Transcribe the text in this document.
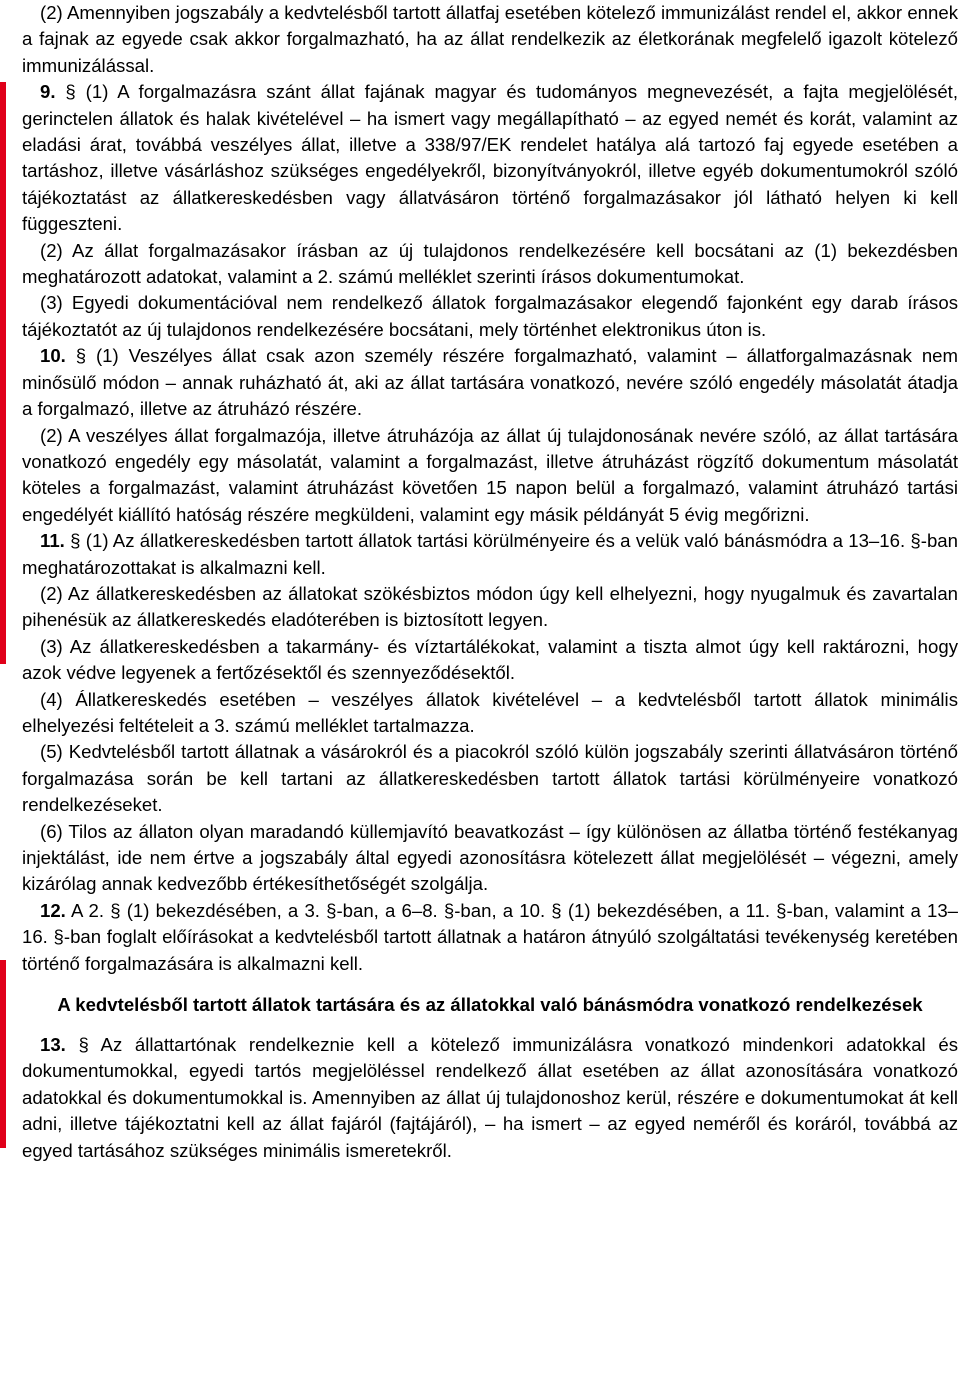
(2) Amennyiben jogszabály a kedvtelésből tartott állatfaj esetében kötelező immunizálást rendel el, akkor ennek a fajnak az egyede csak akkor forgalmazható, ha az állat rendelkezik az életkorának megfelelő igazolt kötelező immunizálással.

9. § (1) A forgalmazásra szánt állat fajának magyar és tudományos megnevezését, a fajta megjelölését, gerinctelen állatok és halak kivételével – ha ismert vagy megállapítható – az egyed nemét és korát, valamint az eladási árat, továbbá veszélyes állat, illetve a 338/97/EK rendelet hatálya alá tartozó faj egyede esetében a tartáshoz, illetve vásárláshoz szükséges engedélyekről, bizonyítványokról, illetve egyéb dokumentumokról szóló tájékoztatást az állatkereskedésben vagy állatvásáron történő forgalmazásakor jól látható helyen ki kell függeszteni.

(2) Az állat forgalmazásakor írásban az új tulajdonos rendelkezésére kell bocsátani az (1) bekezdésben meghatározott adatokat, valamint a 2. számú melléklet szerinti írásos dokumentumokat.

(3) Egyedi dokumentációval nem rendelkező állatok forgalmazásakor elegendő fajonként egy darab írásos tájékoztatót az új tulajdonos rendelkezésére bocsátani, mely történhet elektronikus úton is.

10. § (1) Veszélyes állat csak azon személy részére forgalmazható, valamint – állatforgalmazásnak nem minősülő módon – annak ruházható át, aki az állat tartására vonatkozó, nevére szóló engedély másolatát átadja a forgalmazó, illetve az átruházó részére.

(2) A veszélyes állat forgalmazója, illetve átruházója az állat új tulajdonosának nevére szóló, az állat tartására vonatkozó engedély egy másolatát, valamint a forgalmazást, illetve átruházást rögzítő dokumentum másolatát köteles a forgalmazást, valamint átruházást követően 15 napon belül a forgalmazó, valamint átruházó tartási engedélyét kiállító hatóság részére megküldeni, valamint egy másik példányát 5 évig megőrizni.

11. § (1) Az állatkereskedésben tartott állatok tartási körülményeire és a velük való bánásmódra a 13–16. §-ban meghatározottakat is alkalmazni kell.

(2) Az állatkereskedésben az állatokat szökésbiztos módon úgy kell elhelyezni, hogy nyugalmuk és zavartalan pihenésük az állatkereskedés eladóterében is biztosított legyen.

(3) Az állatkereskedésben a takarmány- és víztartálékokat, valamint a tiszta almot úgy kell raktározni, hogy azok védve legyenek a fertőzésektől és szennyeződésektől.

(4) Állatkereskedés esetében – veszélyes állatok kivételével – a kedvtelésből tartott állatok minimális elhelyezési feltételeit a 3. számú melléklet tartalmazza.

(5) Kedvtelésből tartott állatnak a vásárokról és a piacokról szóló külön jogszabály szerinti állatvásáron történő forgalmazása során be kell tartani az állatkereskedésben tartott állatok tartási körülményeire vonatkozó rendelkezéseket.

(6) Tilos az állaton olyan maradandó küllemjavító beavatkozást – így különösen az állatba történő festékanyag injektálást, ide nem értve a jogszabály által egyedi azonosításra kötelezett állat megjelölését – végezni, amely kizárólag annak kedvezőbb értékesíthetőségét szolgálja.

12. A 2. § (1) bekezdésében, a 3. §-ban, a 6–8. §-ban, a 10. § (1) bekezdésében, a 11. §-ban, valamint a 13–16. §-ban foglalt előírásokat a kedvtelésből tartott állatnak a határon átnyúló szolgáltatási tevékenység keretében történő forgalmazására is alkalmazni kell.

A kedvtelésből tartott állatok tartására és az állatokkal való bánásmódra vonatkozó rendelkezések

13. § Az állattartónak rendelkeznie kell a kötelező immunizálásra vonatkozó mindenkori adatokkal és dokumentumokkal, egyedi tartós megjelöléssel rendelkező állat esetében az állat azonosítására vonatkozó adatokkal és dokumentumokkal is. Amennyiben az állat új tulajdonoshoz kerül, részére e dokumentumokat át kell adni, illetve tájékoztatni kell az állat fajáról (fajtájáról), – ha ismert – az egyed neméről és koráról, továbbá az egyed tartásához szükséges minimális ismeretekről.
